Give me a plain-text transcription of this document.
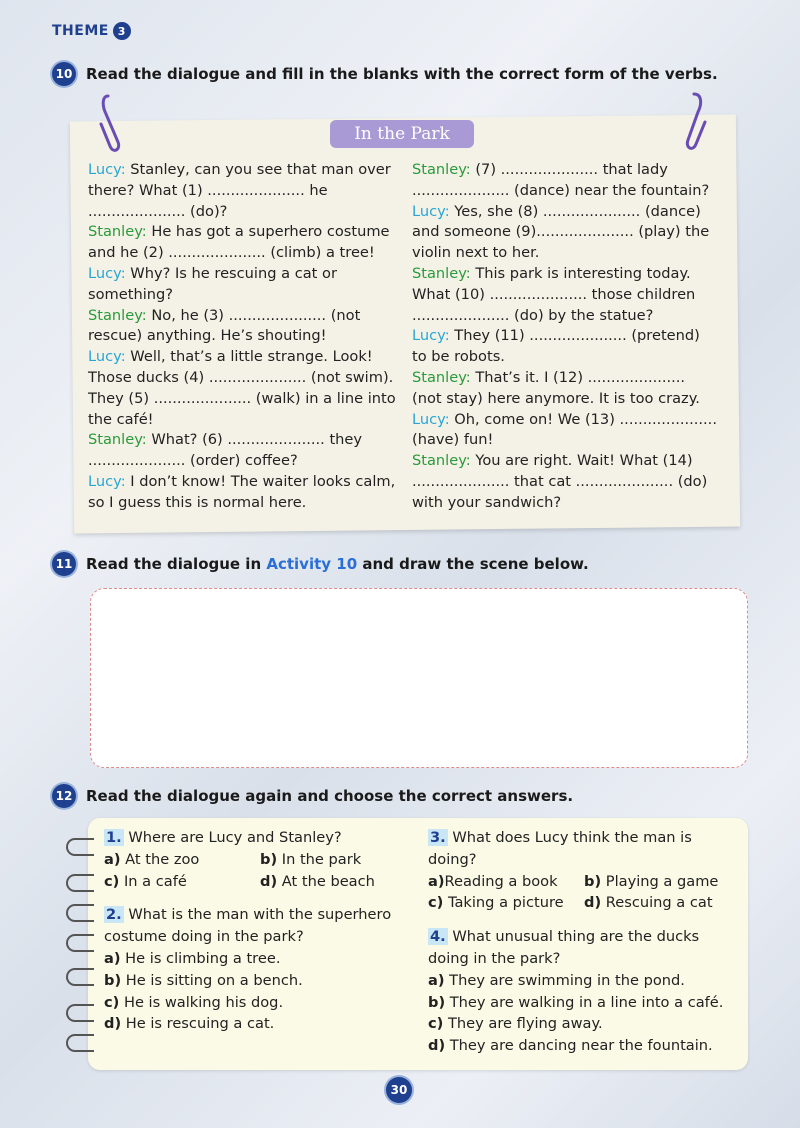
THEME 3
10 Read the dialogue and fill in the blanks with the correct form of the verbs.
In the Park

Lucy: Stanley, can you see that man over there? What (1) ..................... he ..................... (do)?

Stanley: He has got a superhero costume and he (2) ..................... (climb) a tree!

Lucy: Why? Is he rescuing a cat or something?

Stanley: No, he (3) ..................... (not rescue) anything. He’s shouting!

Lucy: Well, that’s a little strange. Look! Those ducks (4) ..................... (not swim). They (5) ..................... (walk) in a line into the café!

Stanley: What? (6) ..................... they ..................... (order) coffee?

Lucy: I don’t know! The waiter looks calm, so I guess this is normal here.

Stanley: (7) ..................... that lady ..................... (dance) near the fountain?

Lucy: Yes, she (8) ..................... (dance) and someone (9)..................... (play) the violin next to her.

Stanley: This park is interesting today. What (10) ..................... those children ..................... (do) by the statue?

Lucy: They (11) ..................... (pretend) to be robots.

Stanley: That’s it. I (12) ..................... (not stay) here anymore. It is too crazy.

Lucy: Oh, come on! We (13) ..................... (have) fun!

Stanley: You are right. Wait! What (14) ..................... that cat ..................... (do) with your sandwich?

11 Read the dialogue in Activity 10 and draw the scene below.
12 Read the dialogue again and choose the correct answers.

1. Where are Lucy and Stanley?

a) At the zoo	b) In the park

c) In a café	d) At the beach

2. What is the man with the superhero costume doing in the park?

a) He is climbing a tree.

b) He is sitting on a bench.

c) He is walking his dog.

d) He is rescuing a cat.

3. What does Lucy think the man is doing?

a)Reading a book	b) Playing a game

c) Taking a picture	d) Rescuing a cat

4. What unusual thing are the ducks doing in the park?

a) They are swimming in the pond.

b) They are walking in a line into a café.

c) They are flying away.

d) They are dancing near the fountain.

30
